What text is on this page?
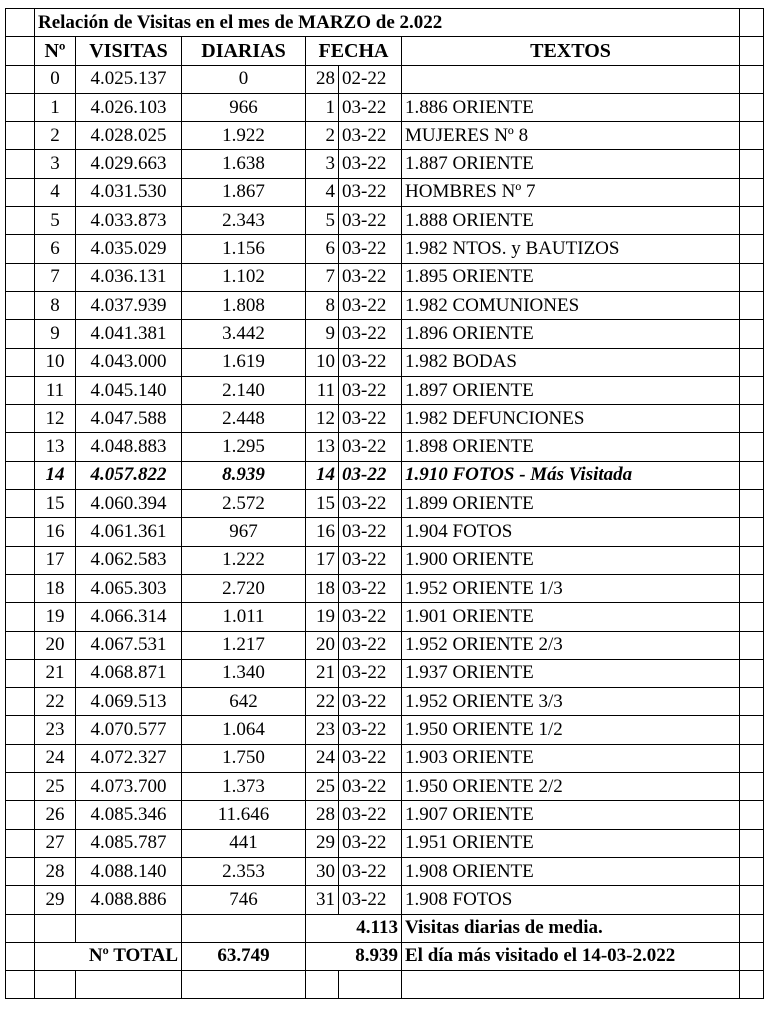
	Relación de Visitas en el mes de MARZO de 2.022						
	Nº	VISITAS	DIARIAS	FECHA		TEXTOS	
	0	4.025.137	0	28	02-22		
	1	4.026.103	966	1	03-22	1.886 ORIENTE	
	2	4.028.025	1.922	2	03-22	MUJERES Nº 8	
	3	4.029.663	1.638	3	03-22	1.887 ORIENTE	
	4	4.031.530	1.867	4	03-22	HOMBRES Nº 7	
	5	4.033.873	2.343	5	03-22	1.888 ORIENTE	
	6	4.035.029	1.156	6	03-22	1.982 NTOS. y BAUTIZOS	
	7	4.036.131	1.102	7	03-22	1.895 ORIENTE	
	8	4.037.939	1.808	8	03-22	1.982 COMUNIONES	
	9	4.041.381	3.442	9	03-22	1.896 ORIENTE	
	10	4.043.000	1.619	10	03-22	1.982 BODAS	
	11	4.045.140	2.140	11	03-22	1.897 ORIENTE	
	12	4.047.588	2.448	12	03-22	1.982 DEFUNCIONES	
	13	4.048.883	1.295	13	03-22	1.898 ORIENTE	
	14	4.057.822	8.939	14	03-22	1.910 FOTOS - Más Visitada	
	15	4.060.394	2.572	15	03-22	1.899 ORIENTE	
	16	4.061.361	967	16	03-22	1.904 FOTOS	
	17	4.062.583	1.222	17	03-22	1.900 ORIENTE	
	18	4.065.303	2.720	18	03-22	1.952 ORIENTE 1/3	
	19	4.066.314	1.011	19	03-22	1.901 ORIENTE	
	20	4.067.531	1.217	20	03-22	1.952 ORIENTE 2/3	
	21	4.068.871	1.340	21	03-22	1.937 ORIENTE	
	22	4.069.513	642	22	03-22	1.952 ORIENTE 3/3	
	23	4.070.577	1.064	23	03-22	1.950 ORIENTE 1/2	
	24	4.072.327	1.750	24	03-22	1.903 ORIENTE	
	25	4.073.700	1.373	25	03-22	1.950 ORIENTE 2/2	
	26	4.085.346	11.646	28	03-22	1.907 ORIENTE	
	27	4.085.787	441	29	03-22	1.951 ORIENTE	
	28	4.088.140	2.353	30	03-22	1.908 ORIENTE	
	29	4.088.886	746	31	03-22	1.908 FOTOS	
				4.113		Visitas diarias de media.	
	Nº TOTAL		63.749	8.939		El día más visitado el 14-03-2.022	
